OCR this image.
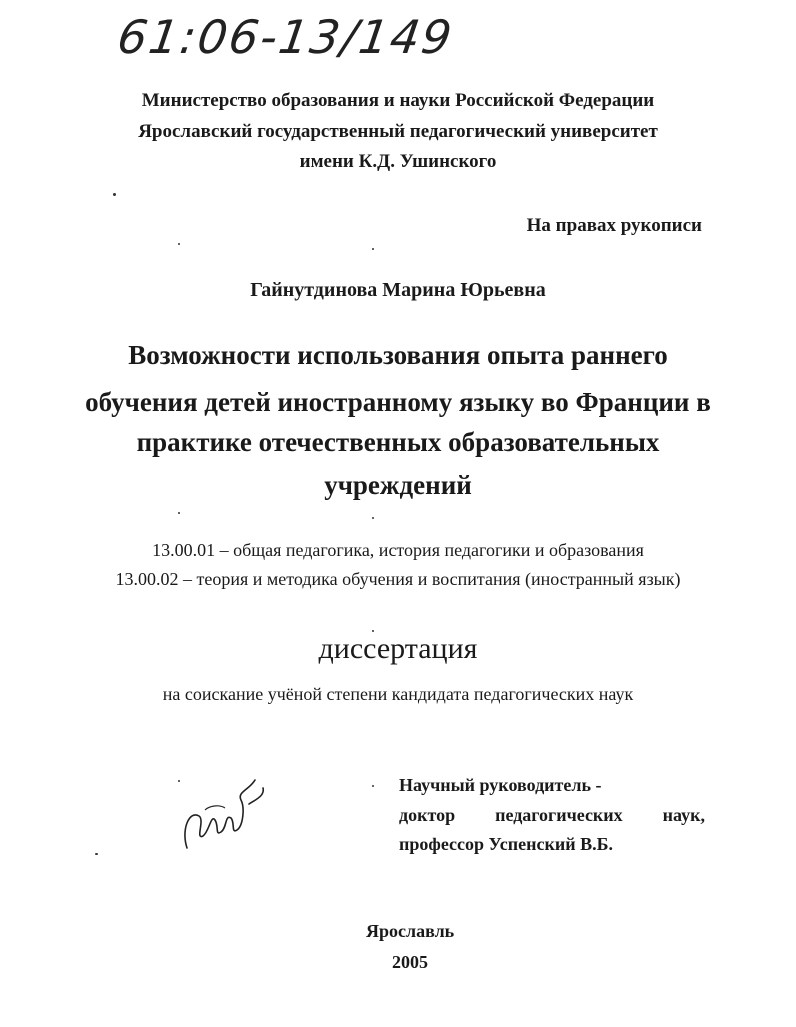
61:06-13/149
Министерство образования и науки Российской Федерации
Ярославский государственный педагогический университет
имени К.Д. Ушинского
На правах рукописи
Гайнутдинова Марина Юрьевна
Возможности использования опыта раннего
обучения детей иностранному языку во Франции в
практике отечественных образовательных
учреждений
13.00.01 – общая педагогика, история педагогики и образования
13.00.02 – теория и методика обучения и воспитания (иностранный язык)
диссертация
на соискание учёной степени кандидата педагогических наук
Научный руководитель -
доктор педагогических наук,
профессор Успенский В.Б.
Ярославль
2005
